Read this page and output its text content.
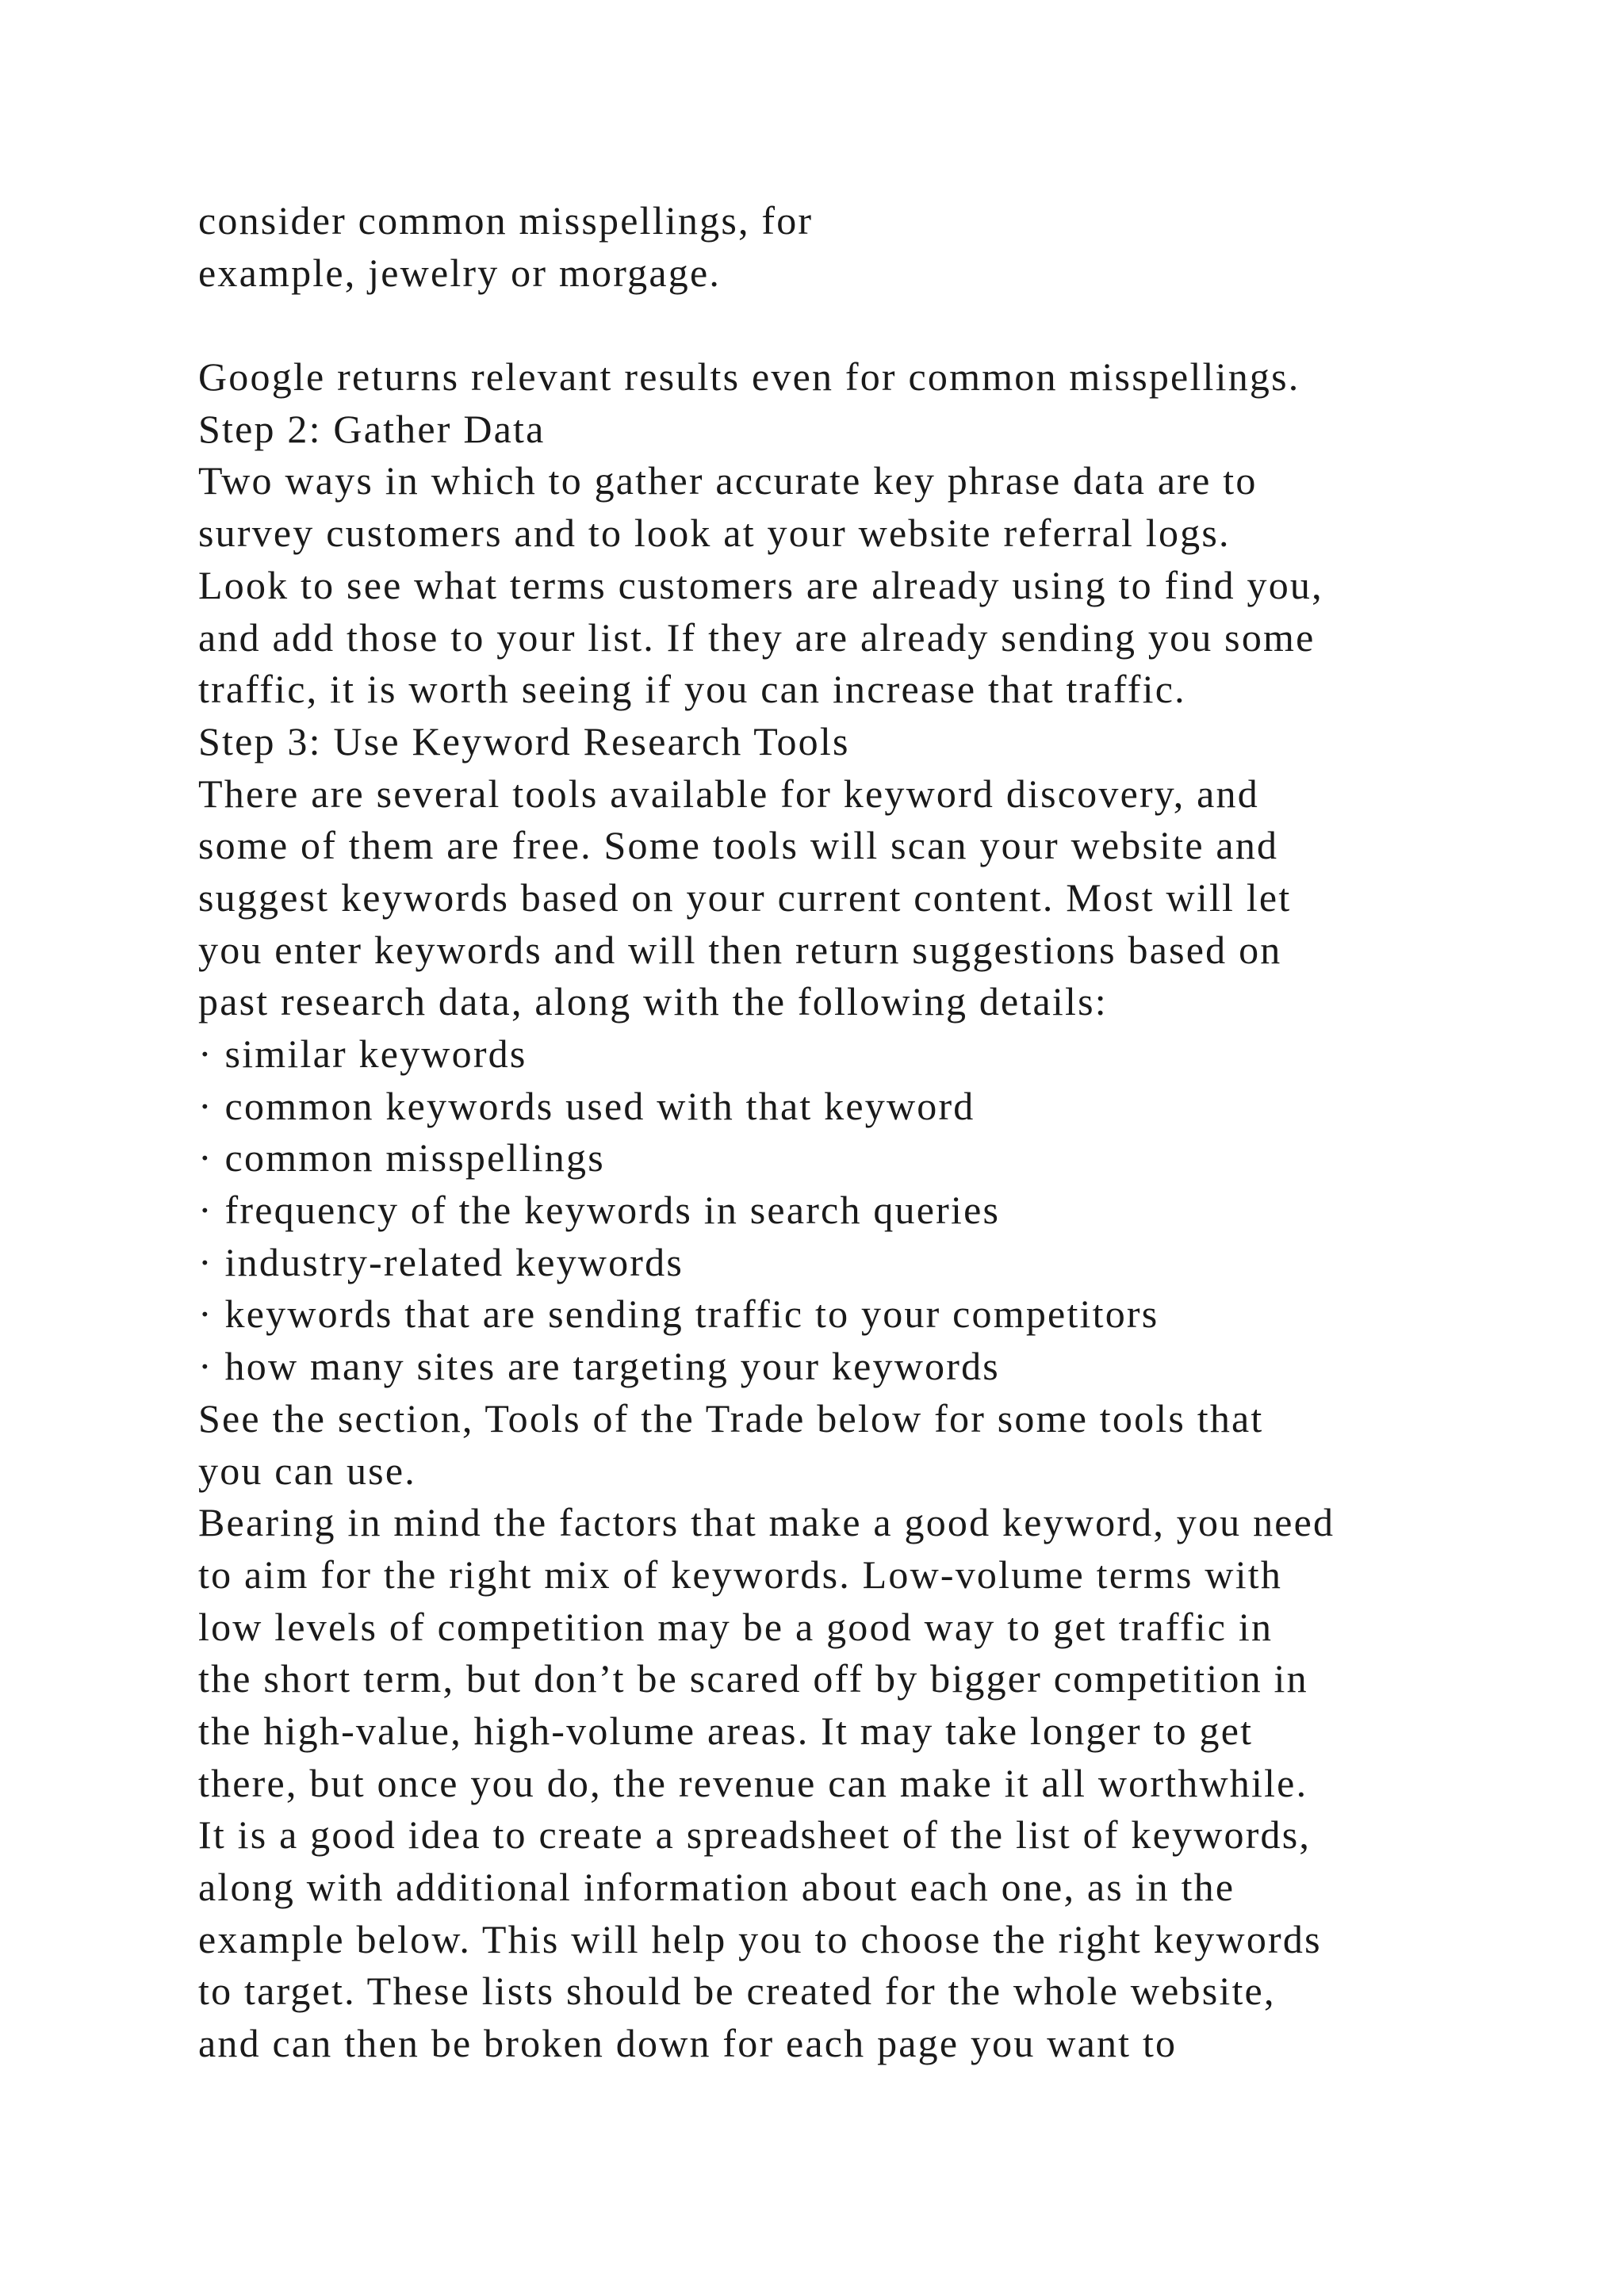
consider common misspellings, for
example, jewelry or morgage.
Google returns relevant results even for common misspellings.
Step 2: Gather Data
Two ways in which to gather accurate key phrase data are to
survey customers and to look at your website referral logs.
Look to see what terms customers are already using to find you,
and add those to your list. If they are already sending you some
traffic, it is worth seeing if you can increase that traffic.
Step 3: Use Keyword Research Tools
There are several tools available for keyword discovery, and
some of them are free. Some tools will scan your website and
suggest keywords based on your current content. Most will let
you enter keywords and will then return suggestions based on
past research data, along with the following details:
· similar keywords
· common keywords used with that keyword
· common misspellings
· frequency of the keywords in search queries
· industry-related keywords
· keywords that are sending traffic to your competitors
· how many sites are targeting your keywords
See the section, Tools of the Trade below for some tools that
you can use.
Bearing in mind the factors that make a good keyword, you need
to aim for the right mix of keywords. Low-volume terms with
low levels of competition may be a good way to get traffic in
the short term, but don’t be scared off by bigger competition in
the high-value, high-volume areas. It may take longer to get
there, but once you do, the revenue can make it all worthwhile.
It is a good idea to create a spreadsheet of the list of keywords,
along with additional information about each one, as in the
example below. This will help you to choose the right keywords
to target. These lists should be created for the whole website,
and can then be broken down for each page you want to
